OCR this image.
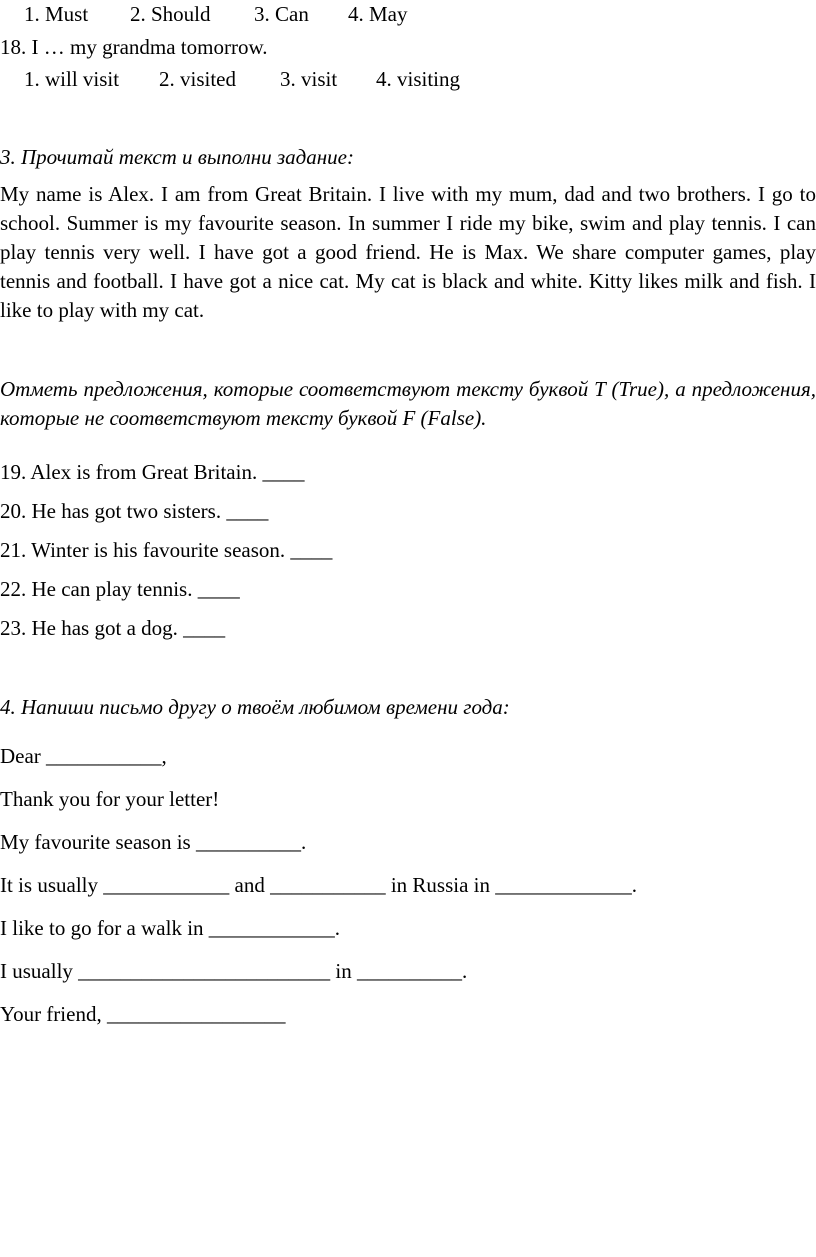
1. Must 2. Should 3. Can 4. May
18. I … my grandma tomorrow.
1. will visit 2. visited 3. visit 4. visiting
3. Прочитай текст и выполни задание:
My name is Alex. I am from Great Britain. I live with my mum, dad and two brothers. I go to school. Summer is my favourite season. In summer I ride my bike, swim and play tennis. I can play tennis very well. I have got a good friend. He is Max. We share computer games, play tennis and football. I have got a nice cat. My cat is black and white. Kitty likes milk and fish. I like to play with my cat.
Отметь предложения, которые соответствуют тексту буквой T (True), а предложения, которые не соответствуют тексту буквой F (False).
19. Alex is from Great Britain. ____
20. He has got two sisters. ____
21. Winter is his favourite season. ____
22. He can play tennis. ____
23. He has got a dog. ____
4. Напиши письмо другу о твоём любимом времени года:
Dear ___________,
Thank you for your letter!
My favourite season is __________.
It is usually ____________ and ___________ in Russia in _____________.
I like to go for a walk in ____________.
I usually ________________________ in __________.
Your friend, _________________
